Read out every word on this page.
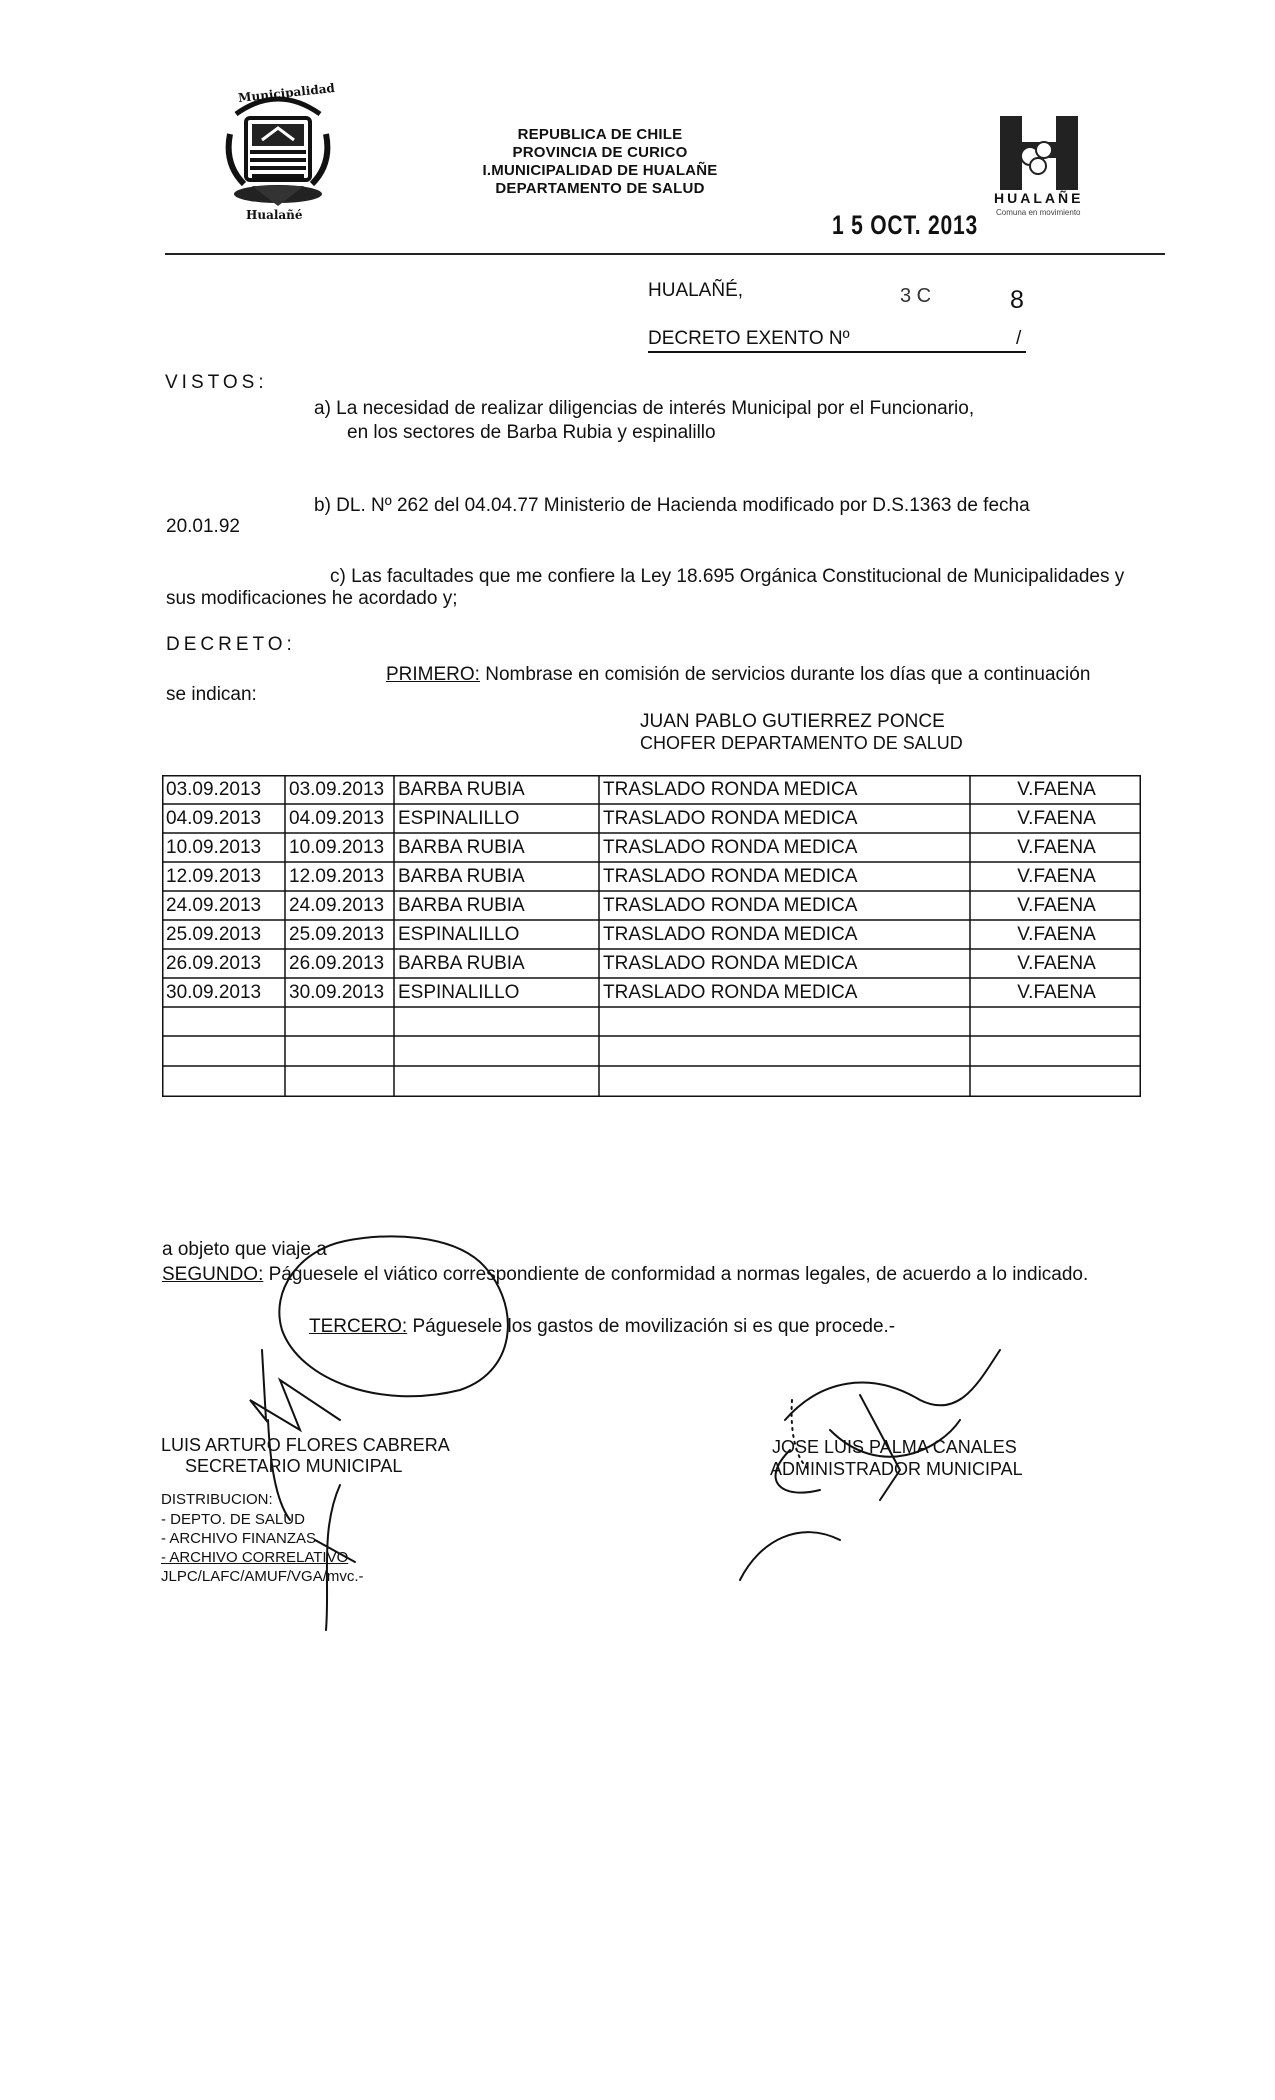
Municipalidad
Hualañé
REPUBLICA DE CHILE
PROVINCIA DE CURICO
I.MUNICIPALIDAD DE HUALAÑE
DEPARTAMENTO DE SALUD
1 5 OCT. 2013
HUALAÑE
Comuna en movimiento
HUALAÑÉ,	3 C	8
DECRETO EXENTO Nº	/
VISTOS:
a) La necesidad de realizar diligencias de interés Municipal por el Funcionario,
en los sectores de Barba Rubia y espinalillo
b) DL. Nº 262 del 04.04.77 Ministerio de Hacienda modificado por D.S.1363 de fecha
20.01.92
c) Las facultades que me confiere la Ley 18.695 Orgánica Constitucional de Municipalidades y
sus modificaciones he acordado y;
DECRETO:
PRIMERO: Nombrase en comisión de servicios durante los días que a continuación
se indican:
JUAN PABLO GUTIERREZ PONCE
CHOFER DEPARTAMENTO DE SALUD
03.09.2013 03.09.2013 BARBA RUBIA	TRASLADO RONDA MEDICA	V.FAENA
04.09.2013 04.09.2013 ESPINALILLO	TRASLADO RONDA MEDICA	V.FAENA
10.09.2013 10.09.2013 BARBA RUBIA	TRASLADO RONDA MEDICA	V.FAENA
12.09.2013 12.09.2013 BARBA RUBIA	TRASLADO RONDA MEDICA	V.FAENA
24.09.2013 24.09.2013 BARBA RUBIA	TRASLADO RONDA MEDICA	V.FAENA
25.09.2013 25.09.2013 ESPINALILLO	TRASLADO RONDA MEDICA	V.FAENA
26.09.2013 26.09.2013 BARBA RUBIA	TRASLADO RONDA MEDICA	V.FAENA
30.09.2013 30.09.2013 ESPINALILLO	TRASLADO RONDA MEDICA	V.FAENA
a objeto que viaje a
SEGUNDO: Páguesele el viático correspondiente de conformidad a normas legales, de acuerdo a lo indicado.
TERCERO: Páguesele los gastos de movilización si es que procede.-
LUIS ARTURO FLORES CABRERA
SECRETARIO MUNICIPAL
JOSE LUIS PALMA CANALES
ADMINISTRADOR MUNICIPAL
DISTRIBUCION:
- DEPTO. DE SALUD
- ARCHIVO FINANZAS
- ARCHIVO CORRELATIVO
JLPC/LAFC/AMUF/VGA/mvc.-
